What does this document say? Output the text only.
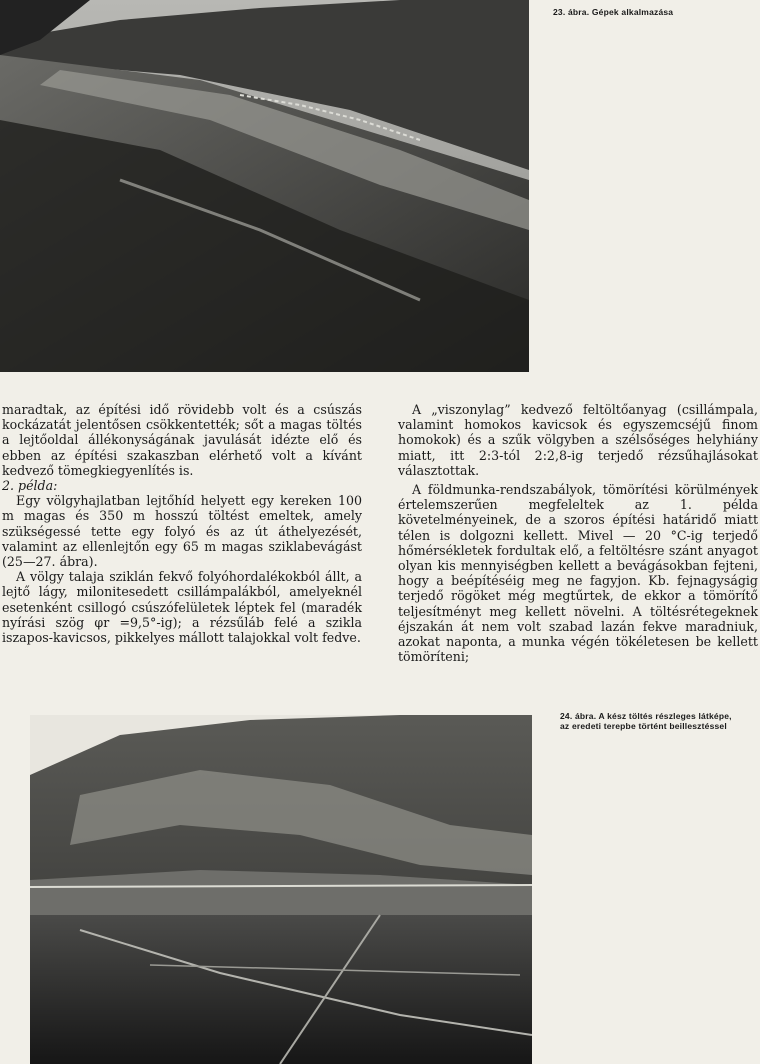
23. ábra. Gépek alkalmazása

maradtak, az építési idő rövidebb volt és a csúszás kockázatát jelentősen csökkentették; sőt a magas töltés a lejtőoldal állékonyságának javulását idézte elő és ebben az építési szakaszban elérhető volt a kívánt kedvező tömegkiegyenlítés is.

2. példa:

Egy völgyhajlatban lejtőhíd helyett egy kereken 100 m magas és 350 m hosszú töltést emeltek, amely szükségessé tette egy folyó és az út áthelyezését, valamint az ellenlejtőn egy 65 m magas sziklabevágást (25—27. ábra).

A völgy talaja sziklán fekvő folyóhordalékokból állt, a lejtő lágy, milonitesedett csillámpalákból, amelyeknél esetenként csillogó csúszófelületek léptek fel (maradék nyírási szög φr =9,5°-ig); a rézsűláb felé a szikla iszapos-kavicsos, pikkelyes mállott talajokkal volt fedve.

A „viszonylag” kedvező feltöltőanyag (csillámpala, valamint homokos kavicsok és egyszemcséjű finom homokok) és a szűk völgyben a szélsőséges helyhiány miatt, itt 2:3-tól 2:2,8-ig terjedő rézsűhajlásokat választottak.

A földmunka-rendszabályok, tömörítési körülmények értelemszerűen megfeleltek az 1. példa követelményeinek, de a szoros építési határidő miatt télen is dolgozni kellett. Mivel — 20 °C-ig terjedő hőmérsékletek fordultak elő, a feltöltésre szánt anyagot olyan kis mennyiségben kellett a bevágásokban fejteni, hogy a beépítéséig meg ne fagyjon. Kb. fejnagyságig terjedő rögöket még megtűrtek, de ekkor a tömörítő teljesítményt meg kellett növelni. A töltésrétegeknek éjszakán át nem volt szabad lazán fekve maradniuk, azokat naponta, a munka végén tökéletesen be kellett tömöríteni;

24. ábra. A kész töltés részleges látképe,
az eredeti terepbe történt beillesztéssel
